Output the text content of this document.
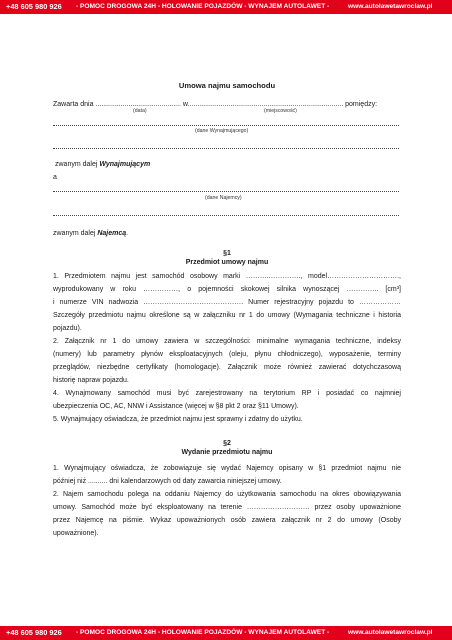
+48 605 980 926 - POMOC DROGOWA 24H - HOLOWANIE POJAZDÓW - WYNAJEM AUTOLAWET -	www.autolawetawroclaw.pl
Umowa najmu samochodu
Zawarta dnia ............................................ w................................................................................ pomiędzy:
(data)	(miejscowość)
(dane Wynajmującego)
zwanym dalej Wynajmującym
a
(dane Najemcy)
zwanym dalej Najemcą.
§1
Przedmiot umowy najmu
1. Przedmiotem najmu jest samochód osobowy marki ………..…………., model………………………….,
wyprodukowany w roku ……………, o pojemności skokowej silnika wynoszącej ………….. [cm³]
i numerze VIN nadwozia ……………………………………. Numer rejestracyjny pojazdu to ………………
Szczegóły przedmiotu najmu określone są w załączniku nr 1 do umowy (Wymagania techniczne i historia
pojazdu).
2. Załącznik nr 1 do umowy zawiera w szczególności: minimalne wymagania techniczne, indeksy
(numery) lub parametry płynów eksploatacyjnych (oleju, płynu chłodniczego), wyposażenie, terminy
przeglądów, niezbędne certyfikaty (homologacje). Załącznik może również zawierać dotychczasową
historię napraw pojazdu.
4. Wynajmowany samochód musi być zarejestrowany na terytorium RP i posiadać co najmniej
ubezpieczenia OC, AC, NNW i Assistance (więcej w §8 pkt 2 oraz §11 Umowy).
5. Wynajmujący oświadcza, że przedmiot najmu jest sprawny i zdatny do użytku.
§2
Wydanie przedmiotu najmu
1. Wynajmujący oświadcza, że zobowiązuje się wydać Najemcy opisany w §1 przedmiot najmu nie
później niż .......... dni kalendarzowych od daty zawarcia niniejszej umowy.
2. Najem samochodu polega na oddaniu Najemcy do użytkowania samochodu na okres obowiązywania
umowy. Samochód może być eksploatowany na terenie ……………………… przez osoby upoważnione
przez Najemcę na piśmie. Wykaz upoważnionych osób zawiera załącznik nr 2 do umowy (Osoby
upoważnione).
+48 605 980 926 - POMOC DROGOWA 24H - HOLOWANIE POJAZDÓW - WYNAJEM AUTOLAWET -	www.autolawetawroclaw.pl
